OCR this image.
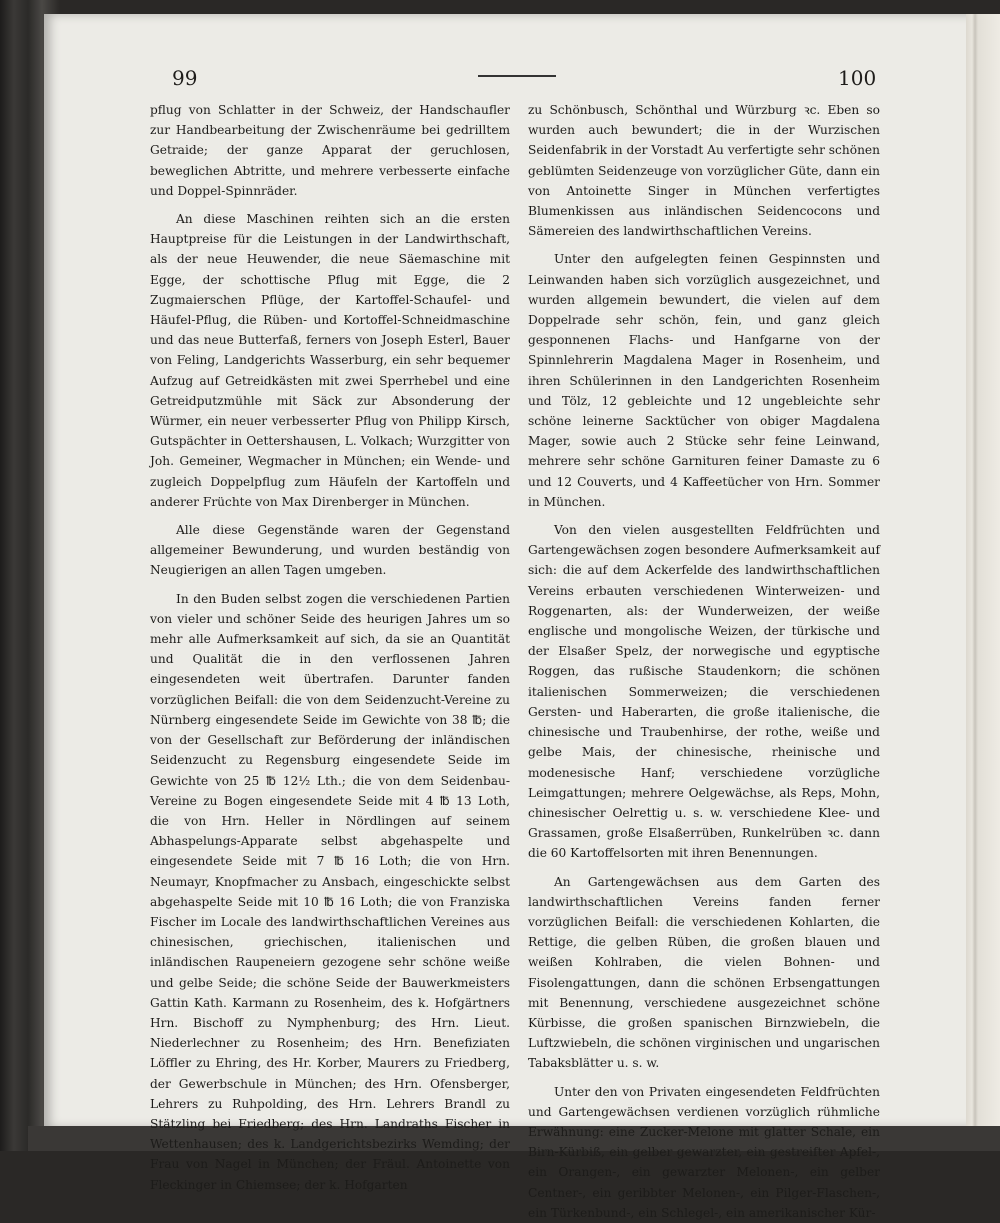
99	100

pflug von Schlatter in der Schweiz, der Handschaufler zur Handbearbeitung der Zwischenräume bei gedrilltem Getraide; der ganze Apparat der geruchlosen, beweglichen Abtritte, und mehrere verbesserte einfache und Doppel-Spinnräder.

An diese Maschinen reihten sich an die ersten Hauptpreise für die Leistungen in der Landwirthschaft, als der neue Heuwender, die neue Säemaschine mit Egge, der schottische Pflug mit Egge, die 2 Zugmaierschen Pflüge, der Kartoffel-Schaufel- und Häufel-Pflug, die Rüben- und Kortoffel-Schneidmaschine und das neue Butterfaß, ferners von Joseph Esterl, Bauer von Feling, Landgerichts Wasserburg, ein sehr bequemer Aufzug auf Getreidkästen mit zwei Sperrhebel und eine Getreidputzmühle mit Säck zur Absonderung der Würmer, ein neuer verbesserter Pflug von Philipp Kirsch, Gutspächter in Oettershausen, L. Volkach; Wurzgitter von Joh. Gemeiner, Wegmacher in München; ein Wende- und zugleich Doppelpflug zum Häufeln der Kartoffeln und anderer Früchte von Max Direnberger in München.

Alle diese Gegenstände waren der Gegenstand allgemeiner Bewunderung, und wurden beständig von Neugierigen an allen Tagen umgeben.

In den Buden selbst zogen die verschiedenen Partien von vieler und schöner Seide des heurigen Jahres um so mehr alle Aufmerksamkeit auf sich, da sie an Quantität und Qualität die in den verflossenen Jahren eingesendeten weit übertrafen. Darunter fanden vorzüglichen Beifall: die von dem Seidenzucht-Vereine zu Nürnberg eingesendete Seide im Gewichte von 38 ℔; die von der Gesellschaft zur Beförderung der inländischen Seidenzucht zu Regensburg eingesendete Seide im Gewichte von 25 ℔ 12½ Lth.; die von dem Seidenbau-Vereine zu Bogen eingesendete Seide mit 4 ℔ 13 Loth, die von Hrn. Heller in Nördlingen auf seinem Abhaspelungs-Apparate selbst abgehaspelte und eingesendete Seide mit 7 ℔ 16 Loth; die von Hrn. Neumayr, Knopfmacher zu Ansbach, eingeschickte selbst abgehaspelte Seide mit 10 ℔ 16 Loth; die von Franziska Fischer im Locale des landwirthschaftlichen Vereines aus chinesischen, griechischen, italienischen und inländischen Raupeneiern gezogene sehr schöne weiße und gelbe Seide; die schöne Seide der Bauwerkmeisters Gattin Kath. Karmann zu Rosenheim, des k. Hofgärtners Hrn. Bischoff zu Nymphenburg; des Hrn. Lieut. Niederlechner zu Rosenheim; des Hrn. Benefiziaten Löffler zu Ehring, des Hr. Korber, Maurers zu Friedberg, der Gewerbschule in München; des Hrn. Ofensberger, Lehrers zu Ruhpolding, des Hrn. Lehrers Brandl zu Stätzling bei Friedberg; des Hrn. Landraths Fischer in Wettenhausen; des k. Landgerichtsbezirks Wemding; der Frau von Nagel in München; der Fräul. Antoinette von Fleckinger in Chiemsee; der k. Hofgarten

zu Schönbusch, Schönthal und Würzburg ꝛc. Eben so wurden auch bewundert; die in der Wurzischen Seidenfabrik in der Vorstadt Au verfertigte sehr schönen geblümten Seidenzeuge von vorzüglicher Güte, dann ein von Antoinette Singer in München verfertigtes Blumenkissen aus inländischen Seidencocons und Sämereien des landwirthschaftlichen Vereins.

Unter den aufgelegten feinen Gespinnsten und Leinwanden haben sich vorzüglich ausgezeichnet, und wurden allgemein bewundert, die vielen auf dem Doppelrade sehr schön, fein, und ganz gleich gesponnenen Flachs- und Hanfgarne von der Spinnlehrerin Magdalena Mager in Rosenheim, und ihren Schülerinnen in den Landgerichten Rosenheim und Tölz, 12 gebleichte und 12 ungebleichte sehr schöne leinerne Sacktücher von obiger Magdalena Mager, sowie auch 2 Stücke sehr feine Leinwand, mehrere sehr schöne Garnituren feiner Damaste zu 6 und 12 Couverts, und 4 Kaffeetücher von Hrn. Sommer in München.

Von den vielen ausgestellten Feldfrüchten und Gartengewächsen zogen besondere Aufmerksamkeit auf sich: die auf dem Ackerfelde des landwirthschaftlichen Vereins erbauten verschiedenen Winterweizen- und Roggenarten, als: der Wunderweizen, der weiße englische und mongolische Weizen, der türkische und der Elsaßer Spelz, der norwegische und egyptische Roggen, das rußische Staudenkorn; die schönen italienischen Sommerweizen; die verschiedenen Gersten- und Haberarten, die große italienische, die chinesische und Traubenhirse, der rothe, weiße und gelbe Mais, der chinesische, rheinische und modenesische Hanf; verschiedene vorzügliche Leimgattungen; mehrere Oelgewächse, als Reps, Mohn, chinesischer Oelrettig u. s. w. verschiedene Klee- und Grassamen, große Elsaßerrüben, Runkelrüben ꝛc. dann die 60 Kartoffelsorten mit ihren Benennungen.

An Gartengewächsen aus dem Garten des landwirthschaftlichen Vereins fanden ferner vorzüglichen Beifall: die verschiedenen Kohlarten, die Rettige, die gelben Rüben, die großen blauen und weißen Kohlraben, die vielen Bohnen- und Fisolengattungen, dann die schönen Erbsengattungen mit Benennung, verschiedene ausgezeichnet schöne Kürbisse, die großen spanischen Birnzwiebeln, die Luftzwiebeln, die schönen virginischen und ungarischen Tabaksblätter u. s. w.

Unter den von Privaten eingesendeten Feldfrüchten und Gartengewächsen verdienen vorzüglich rühmliche Erwähnung: eine Zucker-Melone mit glatter Schale, ein Birn-Kürbiß, ein gelber gewarzter, ein gestreifter Apfel-, ein Orangen-, ein gewarzter Melonen-, ein gelber Centner-, ein geribbter Melonen-, ein Pilger-Flaschen-, ein Türkenbund-, ein Schlegel-, ein amerikanischer Kür-
